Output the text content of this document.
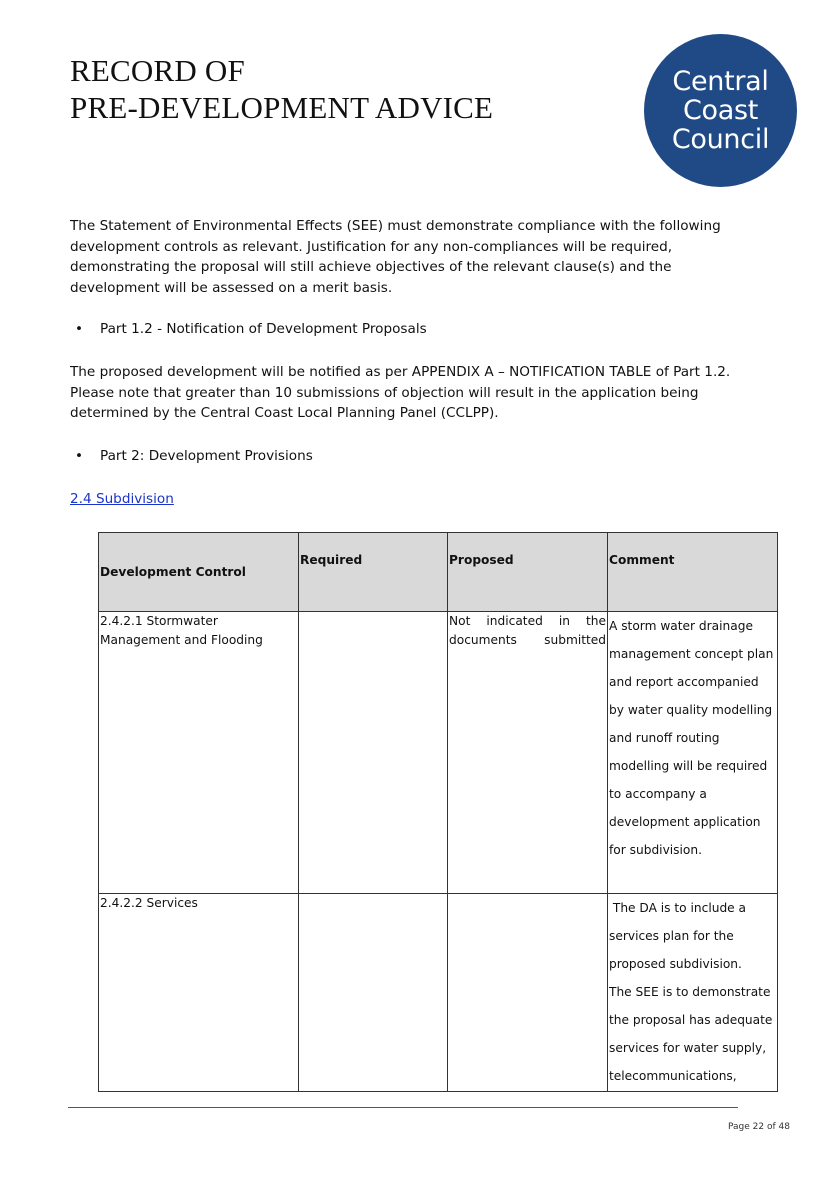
RECORD OF
PRE-DEVELOPMENT ADVICE
Central
Coast
Council
The Statement of Environmental Effects (SEE) must demonstrate compliance with the following development controls as relevant. Justification for any non-compliances will be required, demonstrating the proposal will still achieve objectives of the relevant clause(s) and the development will be assessed on a merit basis.
• Part 1.2 - Notification of Development Proposals
The proposed development will be notified as per APPENDIX A – NOTIFICATION TABLE of Part 1.2. Please note that greater than 10 submissions of objection will result in the application being determined by the Central Coast Local Planning Panel (CCLPP).
• Part 2: Development Provisions
2.4 Subdivision
Development Control	Required	Proposed	Comment
2.4.2.1 Stormwater Management and Flooding		Not indicated in the documents submitted	A storm water drainage management concept plan and report accompanied by water quality modelling and runoff routing modelling will be required to accompany a development application for subdivision.
2.4.2.2 Services			The DA is to include a services plan for the proposed subdivision.
The SEE is to demonstrate the proposal has adequate services for water supply, telecommunications,
Page 22 of 48
